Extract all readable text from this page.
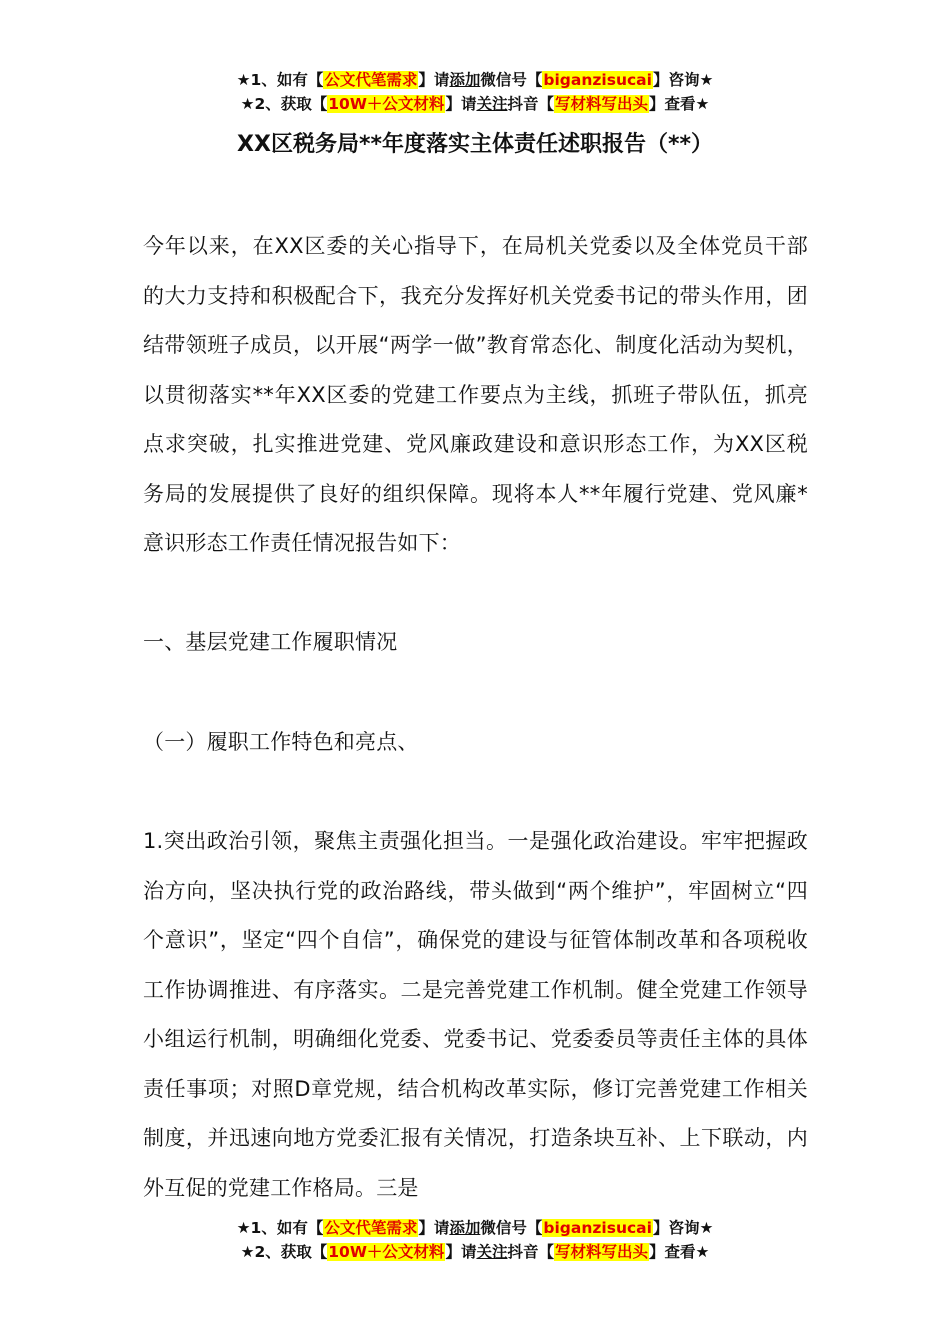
★1、如有【公文代笔需求】请添加微信号【biganzisucai】咨询★
★2、获取【10W＋公文材料】请关注抖音【写材料写出头】查看★
XX区税务局**年度落实主体责任述职报告（**）

今年以来，在XX区委的关心指导下，在局机关党委以及全体党员干部的大力支持和积极配合下，我充分发挥好机关党委书记的带头作用，团结带领班子成员，以开展“两学一做”教育常态化、制度化活动为契机，以贯彻落实**年XX区委的党建工作要点为主线，抓班子带队伍，抓亮点求突破，扎实推进党建、党风廉政建设和意识形态工作，为XX区税务局的发展提供了良好的组织保障。现将本人**年履行党建、党风廉*意识形态工作责任情况报告如下：

一、基层党建工作履职情况

（一）履职工作特色和亮点、

1.突出政治引领，聚焦主责强化担当。一是强化政治建设。牢牢把握政治方向，坚决执行党的政治路线，带头做到“两个维护”，牢固树立“四个意识”，坚定“四个自信”，确保党的建设与征管体制改革和各项税收工作协调推进、有序落实。二是完善党建工作机制。健全党建工作领导小组运行机制，明确细化党委、党委书记、党委委员等责任主体的具体责任事项；对照D章党规，结合机构改革实际，修订完善党建工作相关制度，并迅速向地方党委汇报有关情况，打造条块互补、上下联动，内外互促的党建工作格局。三是

★1、如有【公文代笔需求】请添加微信号【biganzisucai】咨询★
★2、获取【10W＋公文材料】请关注抖音【写材料写出头】查看★
